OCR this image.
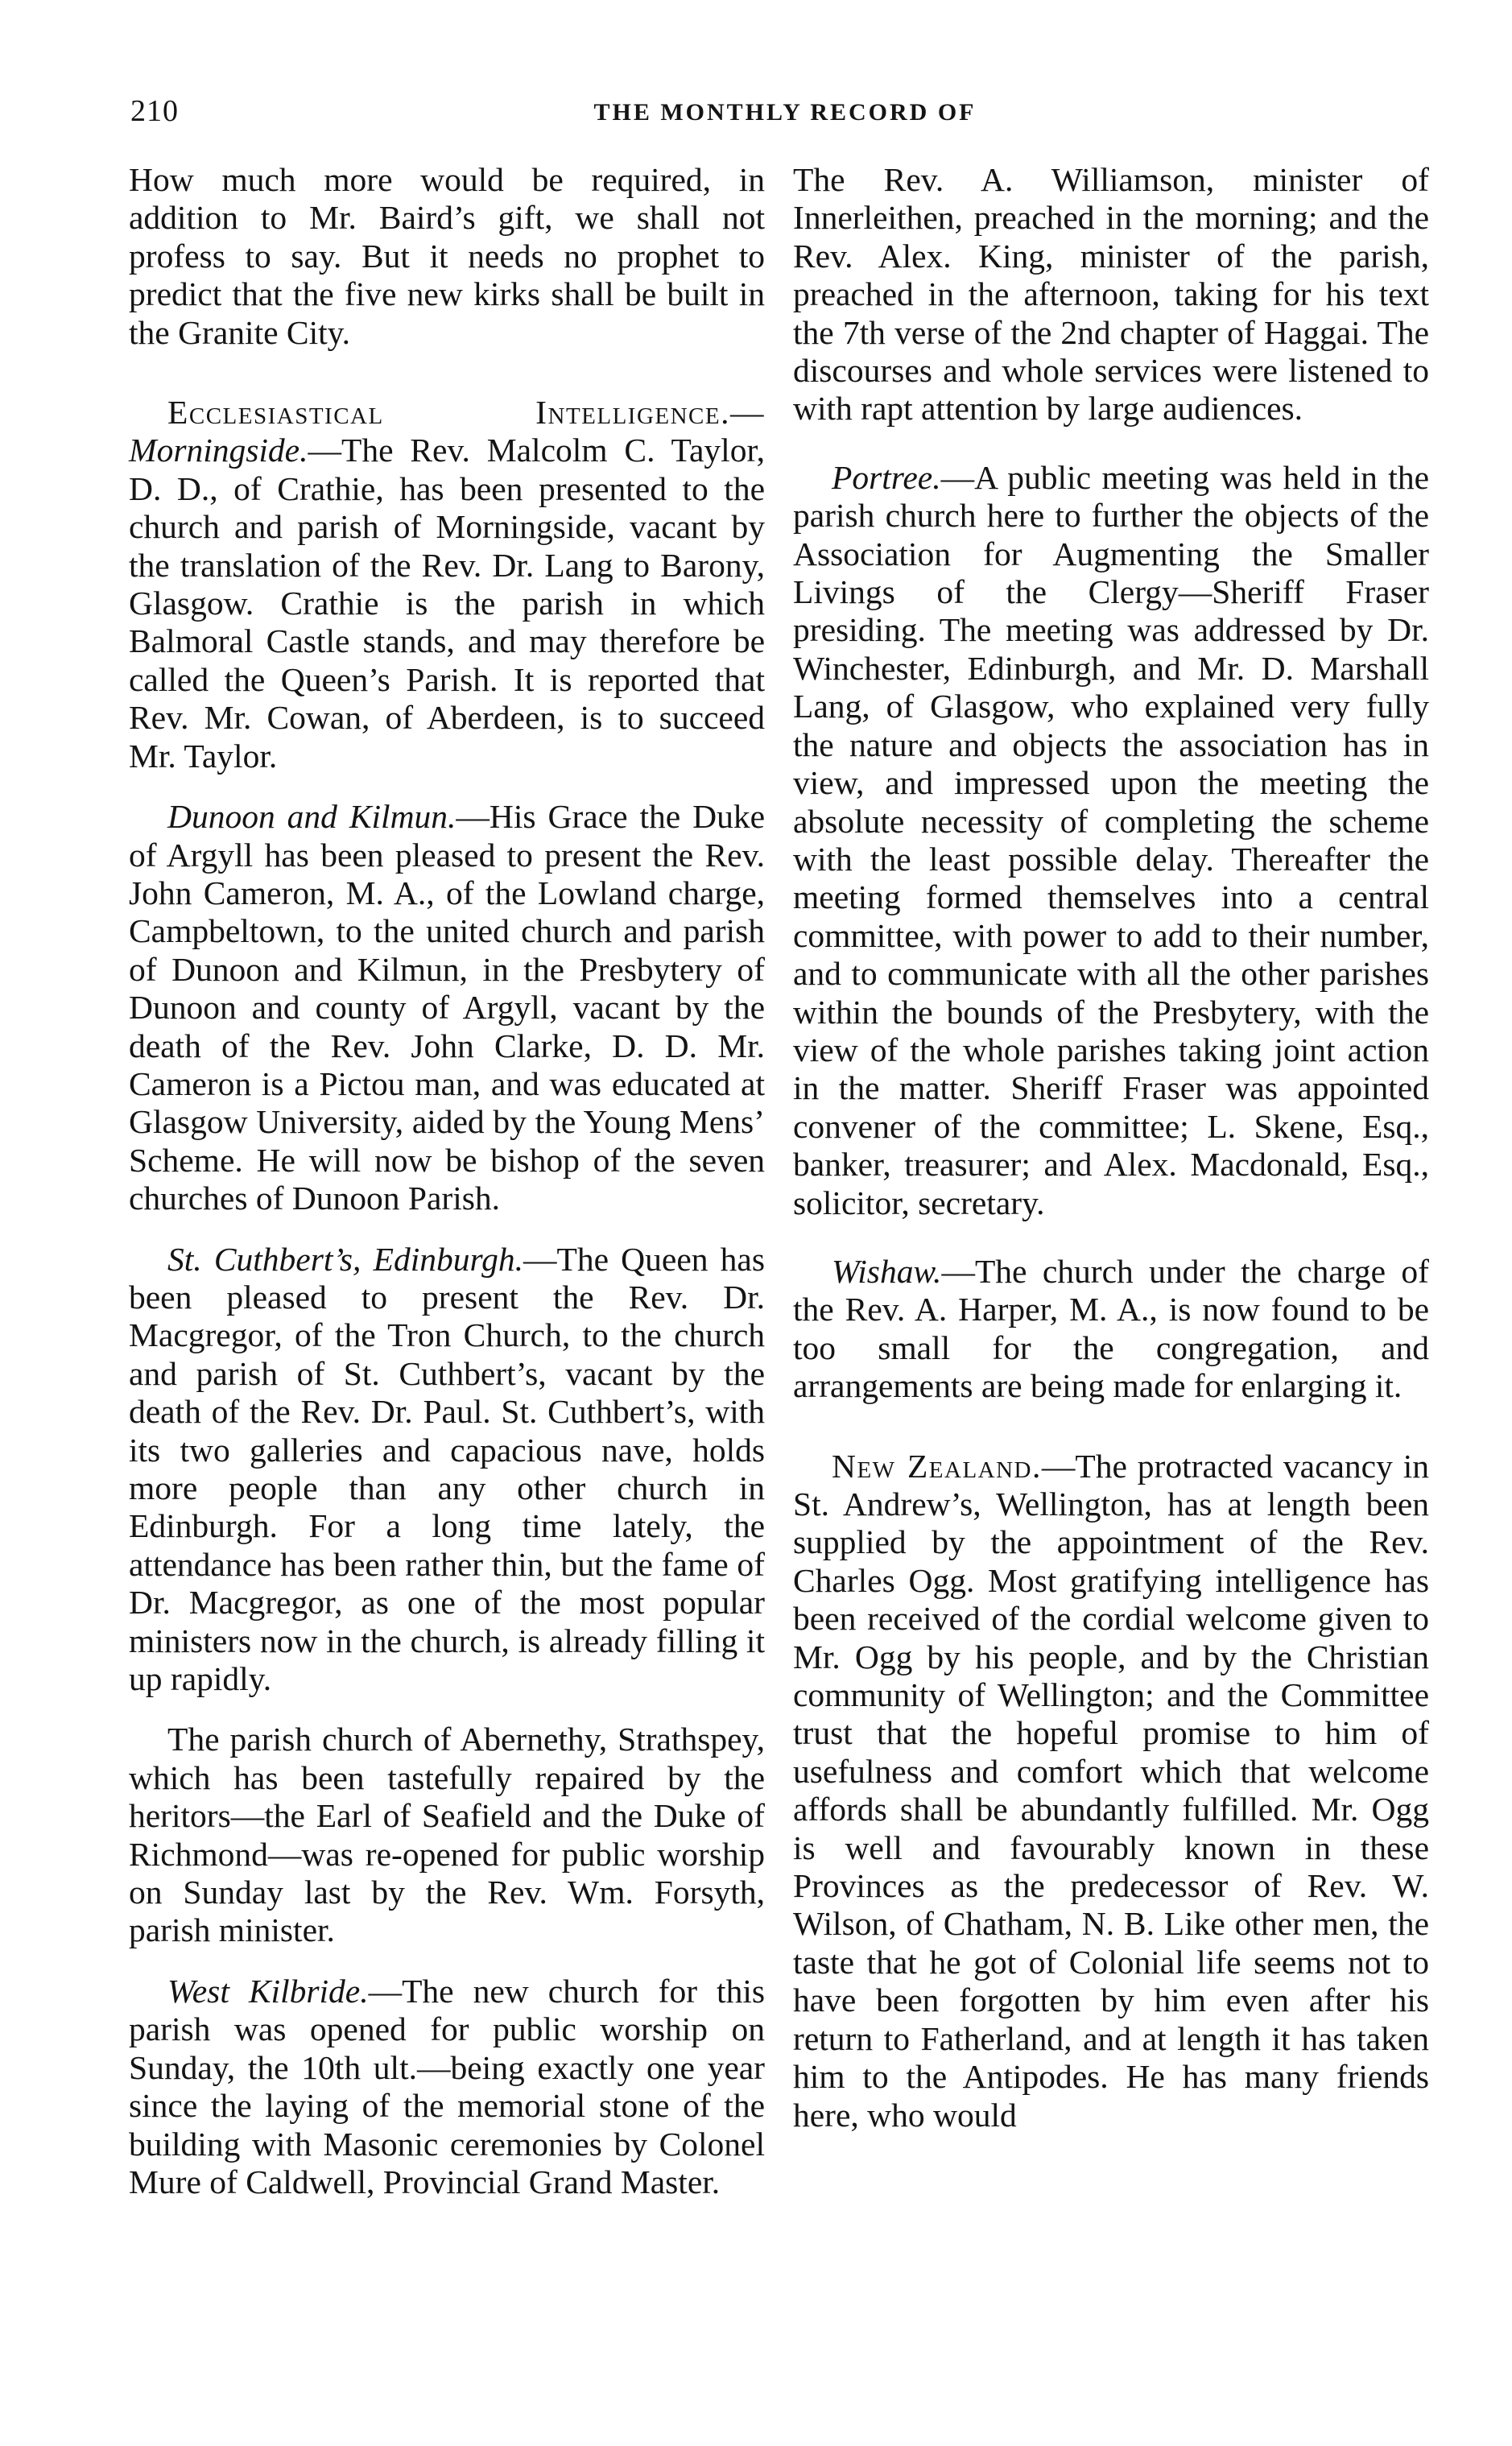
210	THE MONTHLY RECORD OF

How much more would be required, in addition to Mr. Baird’s gift, we shall not profess to say. But it needs no prophet to predict that the five new kirks shall be built in the Granite City.

Ecclesiastical Intelligence.—Morningside.—The Rev. Malcolm C. Taylor, D. D., of Crathie, has been presented to the church and parish of Morningside, vacant by the translation of the Rev. Dr. Lang to Barony, Glasgow. Crathie is the parish in which Balmoral Castle stands, and may therefore be called the Queen’s Parish. It is reported that Rev. Mr. Cowan, of Aberdeen, is to succeed Mr. Taylor.

Dunoon and Kilmun.—His Grace the Duke of Argyll has been pleased to present the Rev. John Cameron, M. A., of the Lowland charge, Campbeltown, to the united church and parish of Dunoon and Kilmun, in the Presbytery of Dunoon and county of Argyll, vacant by the death of the Rev. John Clarke, D. D. Mr. Cameron is a Pictou man, and was educated at Glasgow University, aided by the Young Mens’ Scheme. He will now be bishop of the seven churches of Dunoon Parish.

St. Cuthbert’s, Edinburgh.—The Queen has been pleased to present the Rev. Dr. Macgregor, of the Tron Church, to the church and parish of St. Cuthbert’s, vacant by the death of the Rev. Dr. Paul. St. Cuthbert’s, with its two galleries and capacious nave, holds more people than any other church in Edinburgh. For a long time lately, the attendance has been rather thin, but the fame of Dr. Macgregor, as one of the most popular ministers now in the church, is already filling it up rapidly.

The parish church of Abernethy, Strathspey, which has been tastefully repaired by the heritors—the Earl of Seafield and the Duke of Richmond—was re-opened for public worship on Sunday last by the Rev. Wm. Forsyth, parish minister.

West Kilbride.—The new church for this parish was opened for public worship on Sunday, the 10th ult.—being exactly one year since the laying of the memorial stone of the building with Masonic ceremonies by Colonel Mure of Caldwell, Provincial Grand Master.

The Rev. A. Williamson, minister of Innerleithen, preached in the morning; and the Rev. Alex. King, minister of the parish, preached in the afternoon, taking for his text the 7th verse of the 2nd chapter of Haggai. The discourses and whole services were listened to with rapt attention by large audiences.

Portree.—A public meeting was held in the parish church here to further the objects of the Association for Augmenting the Smaller Livings of the Clergy—Sheriff Fraser presiding. The meeting was addressed by Dr. Winchester, Edinburgh, and Mr. D. Marshall Lang, of Glasgow, who explained very fully the nature and objects the association has in view, and impressed upon the meeting the absolute necessity of completing the scheme with the least possible delay. Thereafter the meeting formed themselves into a central committee, with power to add to their number, and to communicate with all the other parishes within the bounds of the Presbytery, with the view of the whole parishes taking joint action in the matter. Sheriff Fraser was appointed convener of the committee; L. Skene, Esq., banker, treasurer; and Alex. Macdonald, Esq., solicitor, secretary.

Wishaw.—The church under the charge of the Rev. A. Harper, M. A., is now found to be too small for the congregation, and arrangements are being made for enlarging it.

New Zealand.—The protracted vacancy in St. Andrew’s, Wellington, has at length been supplied by the appointment of the Rev. Charles Ogg. Most gratifying intelligence has been received of the cordial welcome given to Mr. Ogg by his people, and by the Christian community of Wellington; and the Committee trust that the hopeful promise to him of usefulness and comfort which that welcome affords shall be abundantly fulfilled. Mr. Ogg is well and favourably known in these Provinces as the predecessor of Rev. W. Wilson, of Chatham, N. B. Like other men, the taste that he got of Colonial life seems not to have been forgotten by him even after his return to Fatherland, and at length it has taken him to the Antipodes. He has many friends here, who would
